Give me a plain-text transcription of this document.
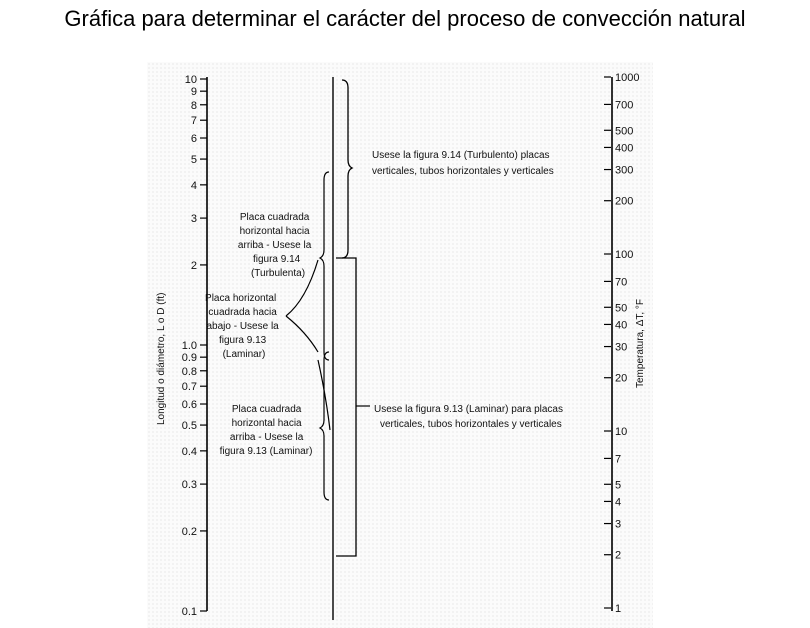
Gráfica para determinar el carácter del proceso de convección natural
10
9
8
7
6
5
4
3
2
1.0
0.9
0.8
0.7
0.6
0.5
0.4
0.3
0.2
0.1
Longitud o diámetro, L o D (ft)
1000
700
500
400
300
200
100
70
50
40
30
20
10
7
5
4
3
2
1
Temperatura, ΔT, °F
Usese la figura 9.14 (Turbulento) placas verticales, tubos horizontales y verticales
Usese la figura 9.13 (Laminar) para placas verticales, tubos horizontales y verticales
Placa cuadrada horizontal hacia arriba - Usese la figura 9.14 (Turbulenta)
Placa horizontal cuadrada hacia abajo - Usese la figura 9.13 (Laminar)
Placa cuadrada horizontal hacia arriba - Usese la figura 9.13 (Laminar)
